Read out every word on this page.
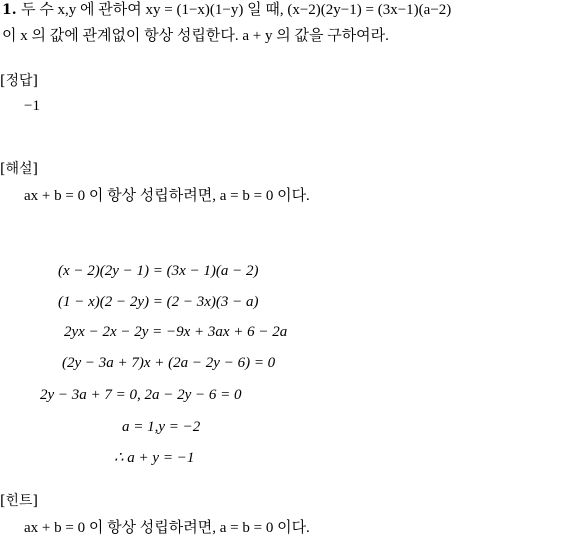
1. 두 수 x,y 에 관하여 xy = (1−x)(1−y) 일 때, (x−2)(2y−1) = (3x−1)(a−2)
이 x 의 값에 관계없이 항상 성립한다. a + y 의 값을 구하여라.
[정답]
−1
[해설]
ax + b = 0 이 항상 성립하려면, a = b = 0 이다.
(x − 2)(2y − 1) = (3x − 1)(a − 2)
(1 − x)(2 − 2y) = (2 − 3x)(3 − a)
2yx − 2x − 2y = −9x + 3ax + 6 − 2a
(2y − 3a + 7)x + (2a − 2y − 6) = 0
2y − 3a + 7 = 0, 2a − 2y − 6 = 0
a = 1,y = −2
∴ a + y = −1
[힌트]
ax + b = 0 이 항상 성립하려면, a = b = 0 이다.
